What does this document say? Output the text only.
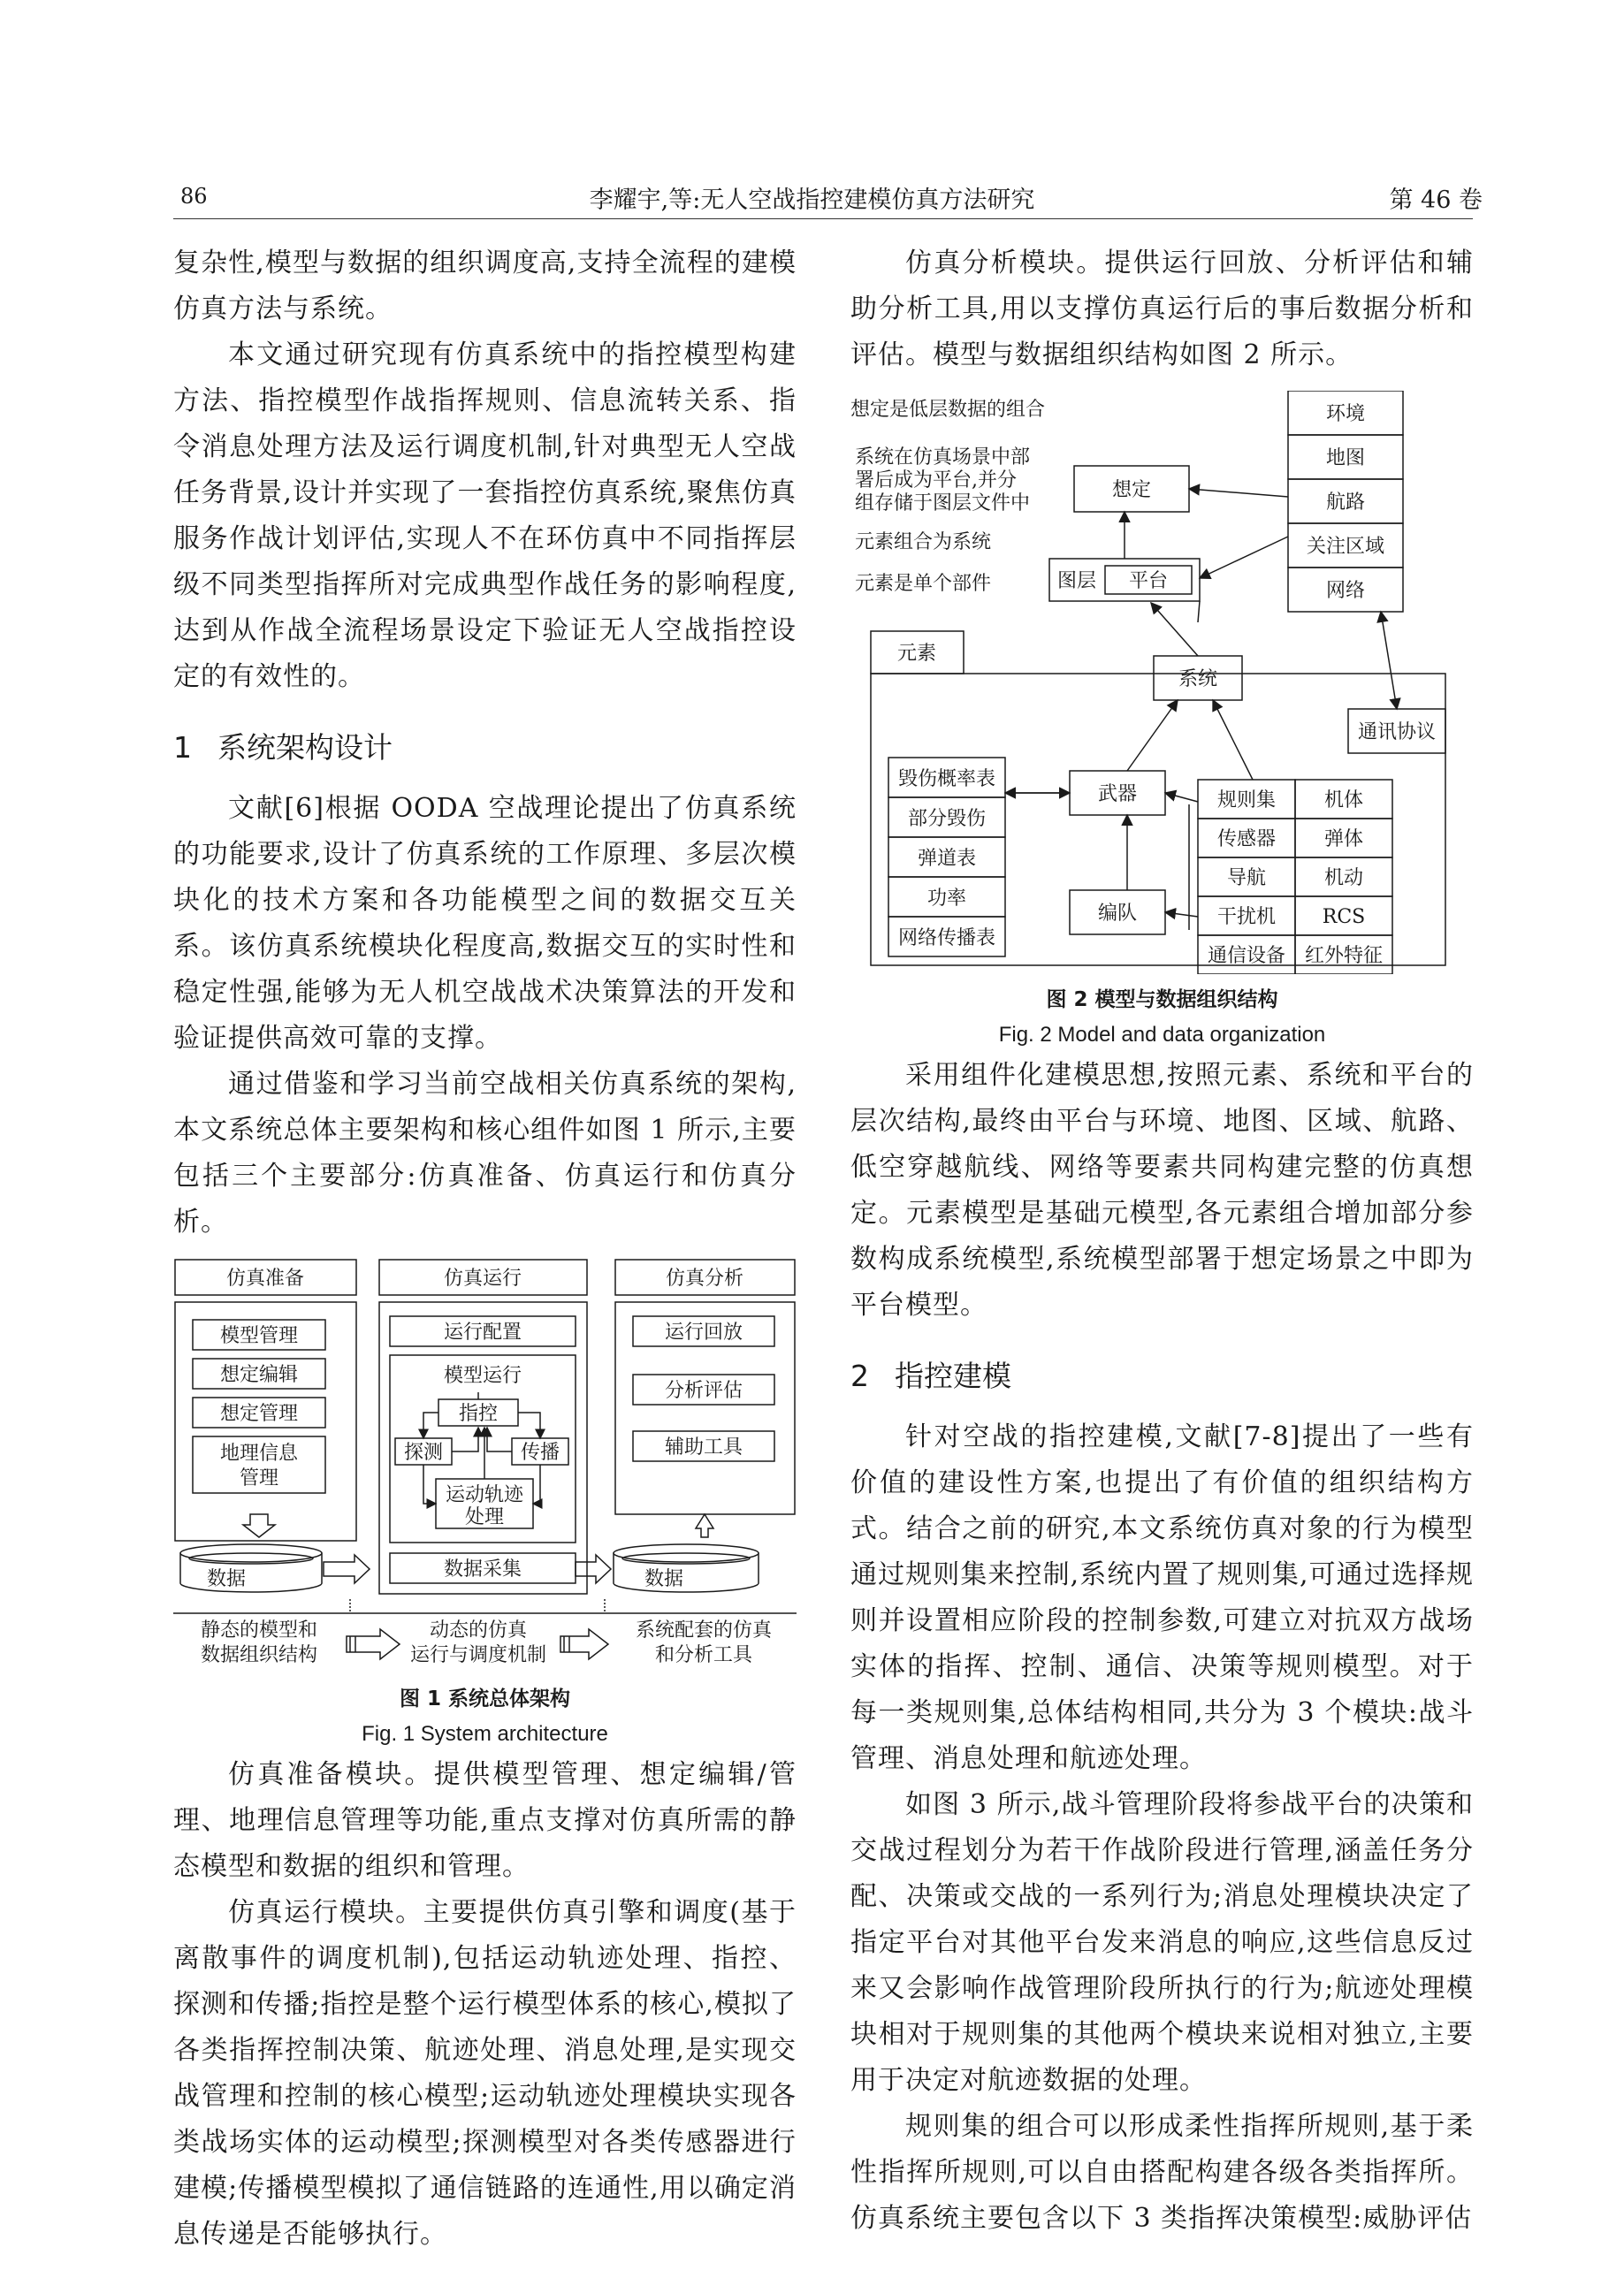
86	李耀宇,等:无人空战指控建模仿真方法研究	第 46 卷

复杂性,模型与数据的组织调度高,支持全流程的建模仿真方法与系统。

本文通过研究现有仿真系统中的指控模型构建方法、指控模型作战指挥规则、信息流转关系、指令消息处理方法及运行调度机制,针对典型无人空战任务背景,设计并实现了一套指控仿真系统,聚焦仿真服务作战计划评估,实现人不在环仿真中不同指挥层级不同类型指挥所对完成典型作战任务的影响程度,达到从作战全流程场景设定下验证无人空战指控设定的有效性的。

1 系统架构设计

文献[6]根据 OODA 空战理论提出了仿真系统的功能要求,设计了仿真系统的工作原理、多层次模块化的技术方案和各功能模型之间的数据交互关系。该仿真系统模块化程度高,数据交互的实时性和稳定性强,能够为无人机空战战术决策算法的开发和验证提供高效可靠的支撑。

通过借鉴和学习当前空战相关仿真系统的架构,本文系统总体主要架构和核心组件如图 1 所示,主要包括三个主要部分:仿真准备、仿真运行和仿真分析。

仿真准备
模型管理
想定编辑
想定管理
地理信息
管理
仿真运行
运行配置
模型运行
指控
探测	传播
运动轨迹
处理
数据采集
仿真分析
运行回放
分析评估
辅助工具
数据	数据
静态的模型和
数据组织结构
动态的仿真
运行与调度机制
系统配套的仿真
和分析工具
图 1 系统总体架构
Fig. 1 System architecture

仿真准备模块。提供模型管理、想定编辑/管理、地理信息管理等功能,重点支撑对仿真所需的静态模型和数据的组织和管理。

仿真运行模块。主要提供仿真引擎和调度(基于离散事件的调度机制),包括运动轨迹处理、指控、探测和传播;指控是整个运行模型体系的核心,模拟了各类指挥控制决策、航迹处理、消息处理,是实现交战管理和控制的核心模型;运动轨迹处理模块实现各类战场实体的运动模型;探测模型对各类传感器进行建模;传播模型模拟了通信链路的连通性,用以确定消息传递是否能够执行。

仿真分析模块。提供运行回放、分析评估和辅助分析工具,用以支撑仿真运行后的事后数据分析和评估。模型与数据组织结构如图 2 所示。

想定是低层数据的组合
系统在仿真场景中部
署后成为平台,并分
组存储于图层文件中
元素组合为系统
元素是单个部件
想定
图层 平台
环境
地图
航路
关注区域
网络
元素
系统
通讯协议
武器
编队
毁伤概率表
部分毁伤
弹道表
功率
网络传播表
规则集
传感器
导航
干扰机
通信设备
机体
弹体
机动
RCS
红外特征
图 2 模型与数据组织结构
Fig. 2 Model and data organization

采用组件化建模思想,按照元素、系统和平台的层次结构,最终由平台与环境、地图、区域、航路、低空穿越航线、网络等要素共同构建完整的仿真想定。元素模型是基础元模型,各元素组合增加部分参数构成系统模型,系统模型部署于想定场景之中即为平台模型。

2 指控建模

针对空战的指控建模,文献[7-8]提出了一些有价值的建设性方案,也提出了有价值的组织结构方式。结合之前的研究,本文系统仿真对象的行为模型通过规则集来控制,系统内置了规则集,可通过选择规则并设置相应阶段的控制参数,可建立对抗双方战场实体的指挥、控制、通信、决策等规则模型。对于每一类规则集,总体结构相同,共分为 3 个模块:战斗管理、消息处理和航迹处理。

如图 3 所示,战斗管理阶段将参战平台的决策和交战过程划分为若干作战阶段进行管理,涵盖任务分配、决策或交战的一系列行为;消息处理模块决定了指定平台对其他平台发来消息的响应,这些信息反过来又会影响作战管理阶段所执行的行为;航迹处理模块相对于规则集的其他两个模块来说相对独立,主要用于决定对航迹数据的处理。

规则集的组合可以形成柔性指挥所规则,基于柔性指挥所规则,可以自由搭配构建各级各类指挥所。仿真系统主要包含以下 3 类指挥决策模型:威胁评估
